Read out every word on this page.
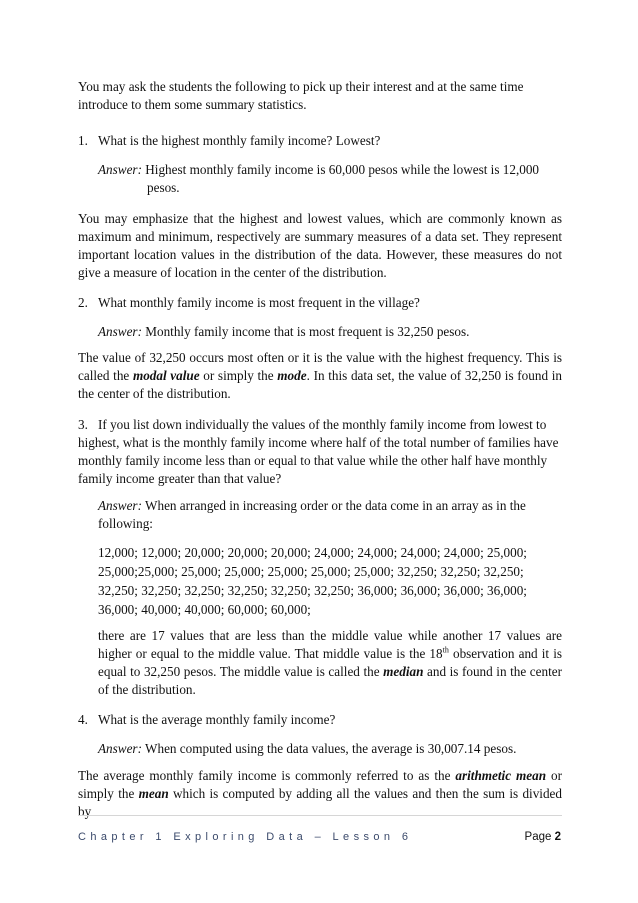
You may ask the students the following to pick up their interest and at the same time

introduce to them some summary statistics.

1. What is the highest monthly family income? Lowest?

Answer: Highest monthly family income is 60,000 pesos while the lowest is 12,000

pesos.

You may emphasize that the highest and lowest values, which are commonly known as maximum and minimum, respectively are summary measures of a data set. They represent important location values in the distribution of the data. However, these measures do not give a measure of location in the center of the distribution.

2. What monthly family income is most frequent in the village?

Answer: Monthly family income that is most frequent is 32,250 pesos.

The value of 32,250 occurs most often or it is the value with the highest frequency. This is called the modal value or simply the mode. In this data set, the value of 32,250 is found in the center of the distribution.

3. If you list down individually the values of the monthly family income from lowest to

highest, what is the monthly family income where half of the total number of families have

monthly family income less than or equal to that value while the other half have monthly

family income greater than that value?

Answer: When arranged in increasing order or the data come in an array as in the

following:

12,000; 12,000; 20,000; 20,000; 20,000; 24,000; 24,000; 24,000; 24,000; 25,000;

25,000;25,000; 25,000; 25,000; 25,000; 25,000; 25,000; 32,250; 32,250; 32,250;

32,250; 32,250; 32,250; 32,250; 32,250; 32,250; 36,000; 36,000; 36,000; 36,000;

36,000; 40,000; 40,000; 60,000; 60,000;

there are 17 values that are less than the middle value while another 17 values are higher or equal to the middle value. That middle value is the 18th observation and it is equal to 32,250 pesos. The middle value is called the median and is found in the center of the distribution.

4. What is the average monthly family income?

Answer: When computed using the data values, the average is 30,007.14 pesos.

The average monthly family income is commonly referred to as the arithmetic mean or simply the mean which is computed by adding all the values and then the sum is divided by
Chapter 1 Exploring Data – Lesson 6	Page 2
